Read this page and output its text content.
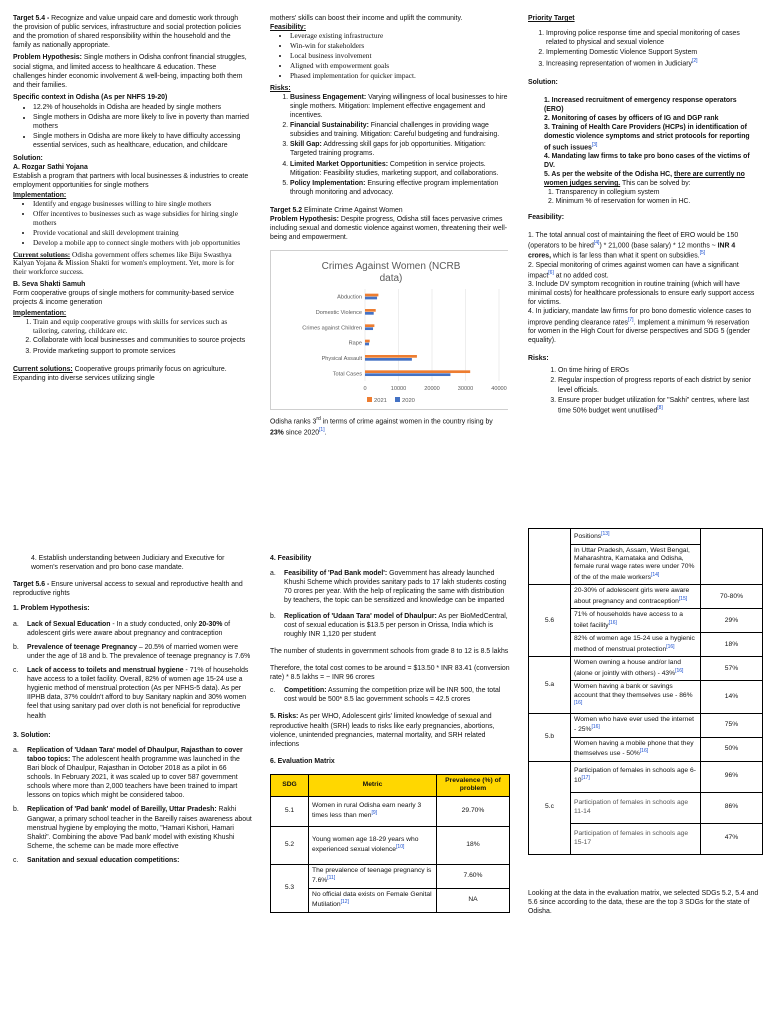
Target 5.4 - Recognize and value unpaid care and domestic work through the provision of public services, infrastructure and social protection policies and the promotion of shared responsibility within the household and the family as nationally appropriate.

Problem Hypothesis: Single mothers in Odisha confront financial struggles, social stigma, and limited access to healthcare & education. These challenges hinder economic involvement & well-being, impacting both them and their families.

Specific context in Odisha (As per NHFS 19-20)

• 12.2% of households in Odisha are headed by single mothers
• Single mothers in Odisha are more likely to live in poverty than married mothers
• Single mothers in Odisha are more likely to have difficulty accessing essential services, such as healthcare, education, and childcare

Solution:

A. Rozgar Sathi Yojana

Establish a program that partners with local businesses & industries to create employment opportunities for single mothers

Implementation:

• Identify and engage businesses willing to hire single mothers
• Offer incentives to businesses such as wage subsidies for hiring single mothers
• Provide vocational and skill development training
• Develop a mobile app to connect single mothers with job opportunities

Current solutions: Odisha government offers schemes like Biju Swasthya Kalyan Yojana & Mission Shakti for women's employment. Yet, more is for their workforce success.

B. Seva Shakti Samuh

Form cooperative groups of single mothers for community-based service projects & income generation

Implementation:

1. Train and equip cooperative groups with skills for services such as tailoring, catering, childcare etc.
2. Collaborate with local businesses and communities to source projects
3. Provide marketing support to promote services

Current solutions: Cooperative groups primarily focus on agriculture. Expanding into diverse services utilizing single

mothers' skills can boost their income and uplift the community.

Feasibility:

• Leverage existing infrastructure
• Win-win for stakeholders
• Local business involvement
• Aligned with empowerment goals
• Phased implementation for quicker impact.

Risks:

1. Business Engagement: Varying willingness of local businesses to hire single mothers. Mitigation: Implement effective engagement and incentives.
2. Financial Sustainability: Financial challenges in providing wage subsidies and training. Mitigation: Careful budgeting and fundraising.
3. Skill Gap: Addressing skill gaps for job opportunities. Mitigation: Targeted training programs.
4. Limited Market Opportunities: Competition in service projects. Mitigation: Feasibility studies, marketing support, and collaborations.
5. Policy Implementation: Ensuring effective program implementation through monitoring and advocacy.

Target 5.2 Eliminate Crime Against Women

Problem Hypothesis: Despite progress, Odisha still faces pervasive crimes including sexual and domestic violence against women, threatening their well-being and empowerment.

Crimes Against Women (NCRB
data)
0	10000	20000	30000	40000
Abduction
Domestic Violence
Crimes against Children
Rape
Physical Assault
Total Cases
2021	2020

Odisha ranks 3rd in terms of crime against women in the country rising by 23% since 2020[1].

Priority Target

1. Improving police response time and special monitoring of cases related to physical and sexual violence
2. Implementing Domestic Violence Support System
3. Increasing representation of women in Judiciary[2]

Solution:

1. Increased recruitment of emergency response operators (ERO)

2. Monitoring of cases by officers of IG and DGP rank

3. Training of Health Care Providers (HCPs) in identification of domestic violence symptoms and strict protocols for reporting of such issues[3]

4. Mandating law firms to take pro bono cases of the victims of DV.

5. As per the website of the Odisha HC, there are currently no women judges serving. This can be solved by:

1. Transparency in collegium system

2. Minimum % of reservation for women in HC.

Feasibility:

1. The total annual cost of maintaining the fleet of ERO would be 150 (operators to be hired[4]) * 21,000 (base salary) * 12 months ~ INR 4 crores, which is far less than what it spent on subsidies.[5]

2. Special monitoring of crimes against women can have a significant impact[6] at no added cost.

3. Include DV symptom recognition in routine training (which will have minimal costs) for healthcare professionals to ensure early support access for victims.

4. In judiciary, mandate law firms for pro bono domestic violence cases to improve pending clearance rates[7]. Implement a minimum % reservation for women in the High Court for diverse perspectives and SDG 5 (gender equality).

Risks:

1. On time hiring of EROs
2. Regular inspection of progress reports of each district by senior level officials.
3. Ensure proper budget utilization for "Sakhi" centres, where last time 50% budget went unutilised[8]

4. Establish understanding between Judiciary and Executive for women's reservation and pro bono case mandate.

Target 5.6 - Ensure universal access to sexual and reproductive health and reproductive rights

1. Problem Hypothesis:

a.	Lack of Sexual Education - In a study conducted, only 20-30% of adolescent girls were aware about pregnancy and contraception
b.	Prevalence of teenage Pregnancy – 20.5% of married women were under the age of 18 and b. The prevalence of teenage pregnancy is 7.6%
c.	Lack of access to toilets and menstrual hygiene - 71% of households have access to a toilet facility. Overall, 82% of women age 15-24 use a hygienic method of menstrual protection (As per NFHS-5 data). As per IIPHB data, 37% couldn't afford to buy Sanitary napkin and 30% women feel that using sanitary pad over cloth is not beneficial for reproductive health

3. Solution:

a.	Replication of 'Udaan Tara' model of Dhaulpur, Rajasthan to cover taboo topics: The adolescent health programme was launched in the Bari block of Dhaulpur, Rajasthan in October 2018 as a pilot in 66 schools. In February 2021, it was scaled up to cover 587 government schools where more than 2,000 teachers have been trained to impart lessons on topics which might be considered taboo.
b.	Replication of 'Pad bank' model of Bareilly, Uttar Pradesh: Rakhi Gangwar, a primary school teacher in the Bareilly raises awareness about menstrual hygiene by employing the motto, "Hamari Kishori, Hamari Shakti". Combining the above 'Pad bank' model with existing Khushi Scheme, the scheme can be made more effective
c.	Sanitation and sexual education competitions:

4. Feasibility

a.	Feasibility of 'Pad Bank model': Government has already launched Khushi Scheme which provides sanitary pads to 17 lakh students costing 70 crores per year. With the help of replicating the same with distribution by teachers, the topic can be sensitized and knowledge can be imparted
b.	Replication of 'Udaan Tara' model of Dhaulpur: As per BioMedCentral, cost of sexual education is $13.5 per person in Orissa, India which is roughly INR 1,120 per student

The number of students in government schools from grade 8 to 12 is 8.5 lakhs

Therefore, the total cost comes to be around = $13.50 * INR 83.41 (conversion rate) * 8.5 lakhs = ~ INR 96 crores

c.	Competition: Assuming the competition prize will be INR 500, the total cost would be 500* 8.5 lac government schools = 42.5 crores

5. Risks: As per WHO, Adolescent girls' limited knowledge of sexual and reproductive health (SRH) leads to risks like early pregnancies, abortions, violence, unintended pregnancies, maternal mortality, and SRH related infections

6. Evaluation Matrix

SDG	Metric	Prevalence (%) of problem
5.1	Women in rural Odisha earn nearly 3 times less than men[9]	29.70%
5.2	Young women age 18-29 years who experienced sexual violence[10]	18%
5.3	The prevalence of teenage pregnancy is 7.6%[11]	7.60%
	No official data exists on Female Genital Mutilation[12]	NA
	Positions[13]	
	In Uttar Pradesh, Assam, West Bengal, Maharashtra, Karnataka and Odisha, female rural wage rates were under 70% of the of the male workers[14]
5.6	20-30% of adolescent girls were aware about pregnancy and contraception[15]	70-80%
	71% of households have access to a toilet facility[16]	29%
	82% of women age 15-24 use a hygienic method of menstrual protection[16]	18%
5.a	Women owning a house and/or land (alone or jointly with others) - 43%[16]	57%
	Women having a bank or savings account that they themselves use - 86%[16]	14%
5.b	Women who have ever used the internet - 25%[16]	75%
	Women having a mobile phone that they themselves use - 50%[16]	50%
5.c	Participation of females in schools age 6-10[17]	96%
	Participation of females in schools age 11-14	86%
	Participation of females in schools age 15-17	47%

Looking at the data in the evaluation matrix, we selected SDGs 5.2, 5.4 and 5.6 since according to the data, these are the top 3 SDGs for the state of Odisha.
